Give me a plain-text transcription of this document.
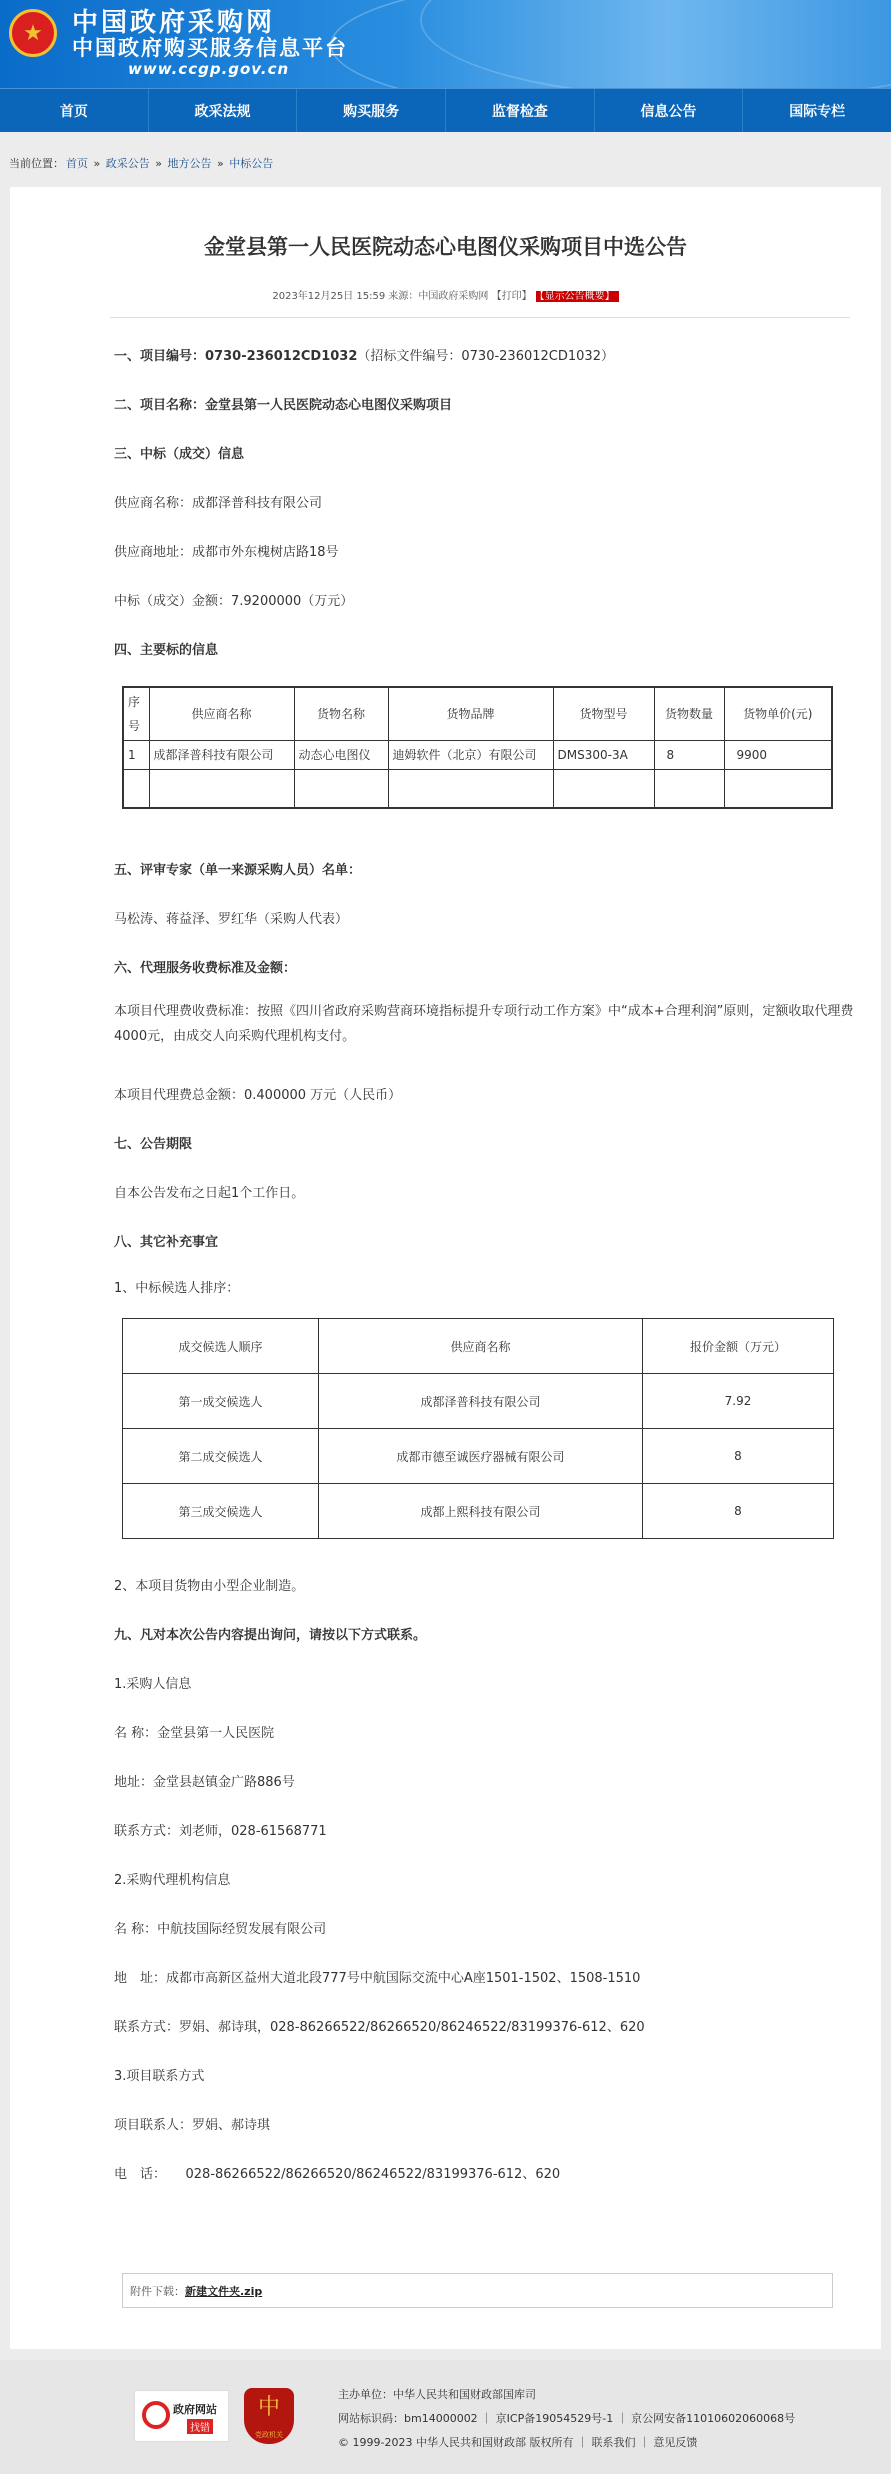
★	中国政府采购网
中国政府购买服务信息平台
www.ccgp.gov.cn
首页	政采法规	购买服务	监督检查	信息公告	国际专栏
当前位置： 首页 » 政采公告 » 地方公告 » 中标公告
金堂县第一人民医院动态心电图仪采购项目中选公告
2023年12月25日 15:59 来源：中国政府采购网 【打印】 【显示公告概要】
一、项目编号：0730-236012CD1032（招标文件编号：0730-236012CD1032）
二、项目名称：金堂县第一人民医院动态心电图仪采购项目
三、中标（成交）信息
供应商名称：成都泽普科技有限公司
供应商地址：成都市外东槐树店路18号
中标（成交）金额：7.9200000（万元）
四、主要标的信息
序号	供应商名称	货物名称	货物品牌	货物型号	货物数量	货物单价(元)
1	成都泽普科技有限公司	动态心电图仪	迪姆软件（北京）有限公司	DMS300-3A	8	9900

五、评审专家（单一来源采购人员）名单：
马松涛、蒋益泽、罗红华（采购人代表）
六、代理服务收费标准及金额：
本项目代理费收费标准：按照《四川省政府采购营商环境指标提升专项行动工作方案》中“成本+合理利润”原则，定额收取代理费4000元，由成交人向采购代理机构支付。
本项目代理费总金额：0.400000 万元（人民币）
七、公告期限
自本公告发布之日起1个工作日。
八、其它补充事宜
1、中标候选人排序：
成交候选人顺序	供应商名称	报价金额（万元）
第一成交候选人	成都泽普科技有限公司	7.92
第二成交候选人	成都市德至诚医疗器械有限公司	8
第三成交候选人	成都上熙科技有限公司	8
2、本项目货物由小型企业制造。
九、凡对本次公告内容提出询问，请按以下方式联系。
1.采购人信息
名 称：金堂县第一人民医院
地址：金堂县赵镇金广路886号
联系方式：刘老师，028-61568771
2.采购代理机构信息
名 称：中航技国际经贸发展有限公司
地　址：成都市高新区益州大道北段777号中航国际交流中心A座1501-1502、1508-1510
联系方式：罗娟、郝诗琪，028-86266522/86266520/86246522/83199376-612、620
3.项目联系方式
项目联系人：罗娟、郝诗琪
电　话：　　028-86266522/86266520/86246522/83199376-612、620
附件下载： 新建文件夹.zip
政府网站
找错
中
党政机关
主办单位：中华人民共和国财政部国库司
网站标识码：bm14000002 ｜ 京ICP备19054529号-1 ｜ 京公网安备11010602060068号
© 1999-2023 中华人民共和国财政部 版权所有 ｜ 联系我们 ｜ 意见反馈
